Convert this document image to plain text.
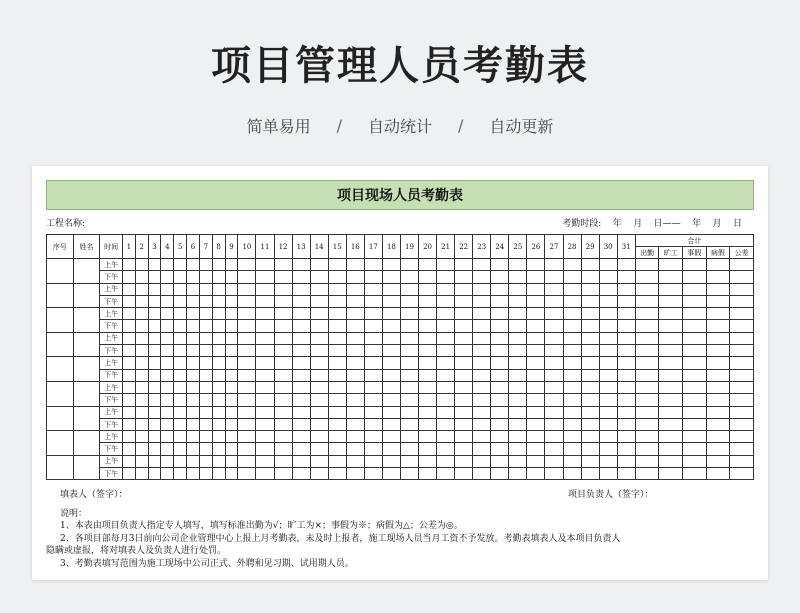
项目管理人员考勤表
简单易用 / 自动统计 / 自动更新
项目现场人员考勤表
工程名称:	考勤时段:    年    月    日——    年    月    日
序号	姓名	时间	1	2	3	4	5	6	7	8	9	10	11	12	13	14	15	16	17	18	19	20	21	22	23	24	25	26	27	28	29	30	31	合计				
																																		出勤	旷工	事假	病假	公差
		上午																																				
		下午																																				
		上午																																				
		下午																																				
		上午																																				
		下午																																				
		上午																																				
		下午																																				
		上午																																				
		下午																																				
		上午																																				
		下午																																				
		上午																																				
		下午																																				
		上午																																				
		下午																																				
		上午																																				
		下午																																				
填表人（签字）：	项目负责人（签字）：
说明：
1、本表由项目负责人指定专人填写，填写标准出勤为√；旷工为×；事假为※；病假为△；公差为◎。
2、各项目部每月3日前向公司企业管理中心上报上月考勤表，未及时上报者，施工现场人员当月工资不予发放。考勤表填表人及本项目负责人
隐瞒或虚报，将对填表人及负责人进行处罚。
3、考勤表填写范围为施工现场中公司正式、外聘和见习期、试用期人员。
